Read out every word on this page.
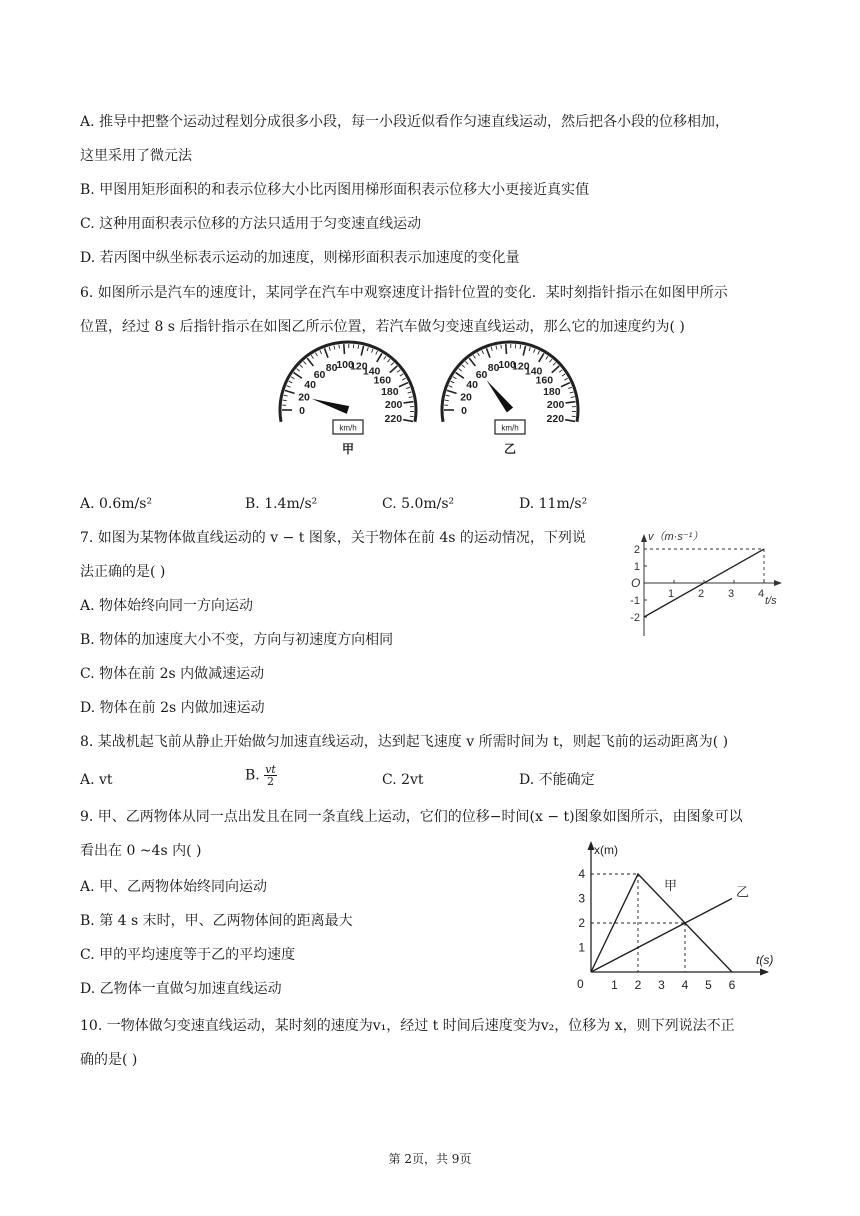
A. 推导中把整个运动过程划分成很多小段，每一小段近似看作匀速直线运动，然后把各小段的位移相加，
这里采用了微元法
B. 甲图用矩形面积的和表示位移大小比丙图用梯形面积表示位移大小更接近真实值
C. 这种用面积表示位移的方法只适用于匀变速直线运动
D. 若丙图中纵坐标表示运动的加速度，则梯形面积表示加速度的变化量
6. 如图所示是汽车的速度计，某同学在汽车中观察速度计指针位置的变化．某时刻指针指示在如图甲所示
位置，经过 8 s 后指针指示在如图乙所示位置，若汽车做匀变速直线运动，那么它的加速度约为( )
0
20
40
60
80
100
120
140
160
180
200
220
km/h
甲
0
20
40
60
80
100
120
140
160
180
200
220
km/h
乙
A. 0.6m/s²	B. 1.4m/s²	C. 5.0m/s²	D. 11m/s²
7. 如图为某物体做直线运动的 v − t 图象，关于物体在前 4s 的运动情况，下列说
法正确的是( )
A. 物体始终向同一方向运动
B. 物体的加速度大小不变，方向与初速度方向相同
C. 物体在前 2s 内做减速运动
D. 物体在前 2s 内做加速运动
v（m·s⁻¹）
t/s
O
-2
-1
1
2
1 2 3 4
8. 某战机起飞前从静止开始做匀加速直线运动，达到起飞速度 v 所需时间为 t，则起飞前的运动距离为( )
A. vt	B. $\frac{vt}{2}$	C. 2vt	D. 不能确定
9. 甲、乙两物体从同一点出发且在同一条直线上运动，它们的位移−时间(x − t)图象如图所示，由图象可以
看出在 0 ~4s 内( )
A. 甲、乙两物体始终同向运动
B. 第 4 s 末时，甲、乙两物体间的距离最大
C. 甲的平均速度等于乙的平均速度
D. 乙物体一直做匀加速直线运动
x(m)
t(s)
0
1
2
3
4
1 2 3 4 5 6
甲	乙
10. 一物体做匀变速直线运动，某时刻的速度为v₁，经过 t 时间后速度变为v₂，位移为 x，则下列说法不正
确的是( )
第 2页，共 9页
